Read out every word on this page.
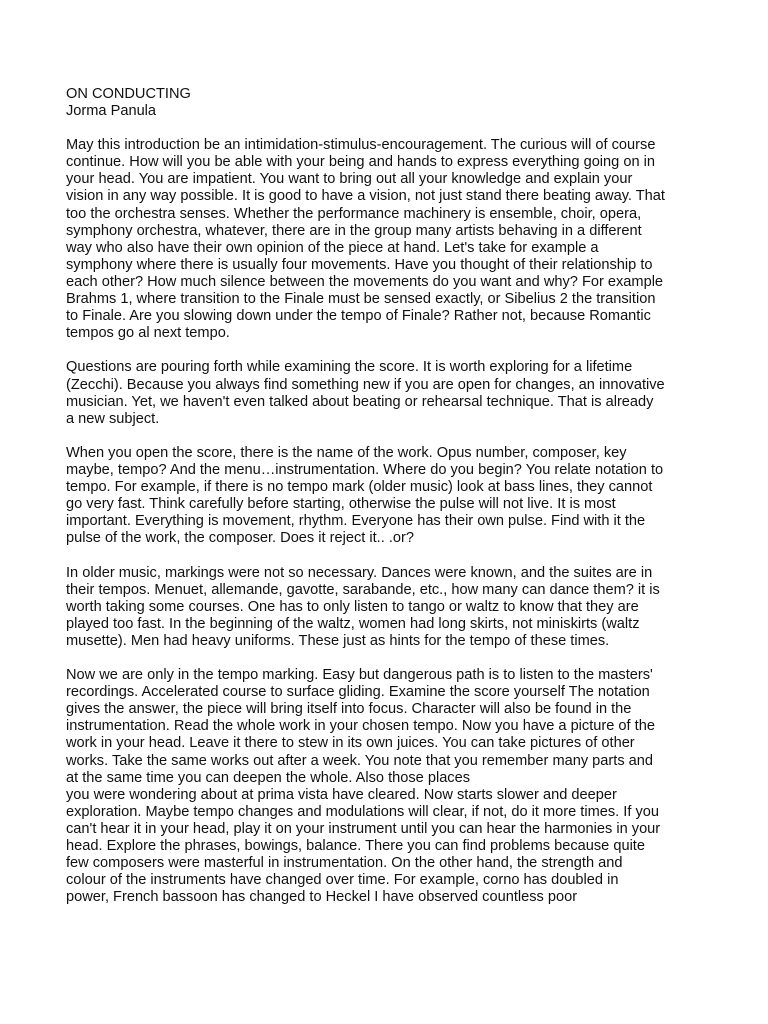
ON CONDUCTING
Jorma Panula

May this introduction be an intimidation-stimulus-encouragement. The curious will of course
continue. How will you be able with your being and hands to express everything going on in
your head. You are impatient. You want to bring out all your knowledge and explain your
vision in any way possible. It is good to have a vision, not just stand there beating away. That
too the orchestra senses. Whether the performance machinery is ensemble, choir, opera,
symphony orchestra, whatever, there are in the group many artists behaving in a different
way who also have their own opinion of the piece at hand. Let's take for example a
symphony where there is usually four movements. Have you thought of their relationship to
each other? How much silence between the movements do you want and why? For example
Brahms 1, where transition to the Finale must be sensed exactly, or Sibelius 2 the transition
to Finale. Are you slowing down under the tempo of Finale? Rather not, because Romantic
tempos go al next tempo.

Questions are pouring forth while examining the score. It is worth exploring for a lifetime
(Zecchi). Because you always find something new if you are open for changes, an innovative
musician. Yet, we haven't even talked about beating or rehearsal technique. That is already
a new subject.

When you open the score, there is the name of the work. Opus number, composer, key
maybe, tempo? And the menu…instrumentation. Where do you begin? You relate notation to
tempo. For example, if there is no tempo mark (older music) look at bass lines, they cannot
go very fast. Think carefully before starting, otherwise the pulse will not live. It is most
important. Everything is movement, rhythm. Everyone has their own pulse. Find with it the
pulse of the work, the composer. Does it reject it.. .or?

In older music, markings were not so necessary. Dances were known, and the suites are in
their tempos. Menuet, allemande, gavotte, sarabande, etc., how many can dance them? it is
worth taking some courses. One has to only listen to tango or waltz to know that they are
played too fast. In the beginning of the waltz, women had long skirts, not miniskirts (waltz
musette). Men had heavy uniforms. These just as hints for the tempo of these times.

Now we are only in the tempo marking. Easy but dangerous path is to listen to the masters'
recordings. Accelerated course to surface gliding. Examine the score yourself The notation
gives the answer, the piece will bring itself into focus. Character will also be found in the
instrumentation. Read the whole work in your chosen tempo. Now you have a picture of the
work in your head. Leave it there to stew in its own juices. You can take pictures of other
works. Take the same works out after a week. You note that you remember many parts and
at the same time you can deepen the whole. Also those places
you were wondering about at prima vista have cleared. Now starts slower and deeper
exploration. Maybe tempo changes and modulations will clear, if not, do it more times. If you
can't hear it in your head, play it on your instrument until you can hear the harmonies in your
head. Explore the phrases, bowings, balance. There you can find problems because quite
few composers were masterful in instrumentation. On the other hand, the strength and
colour of the instruments have changed over time. For example, corno has doubled in
power, French bassoon has changed to Heckel I have observed countless poor
